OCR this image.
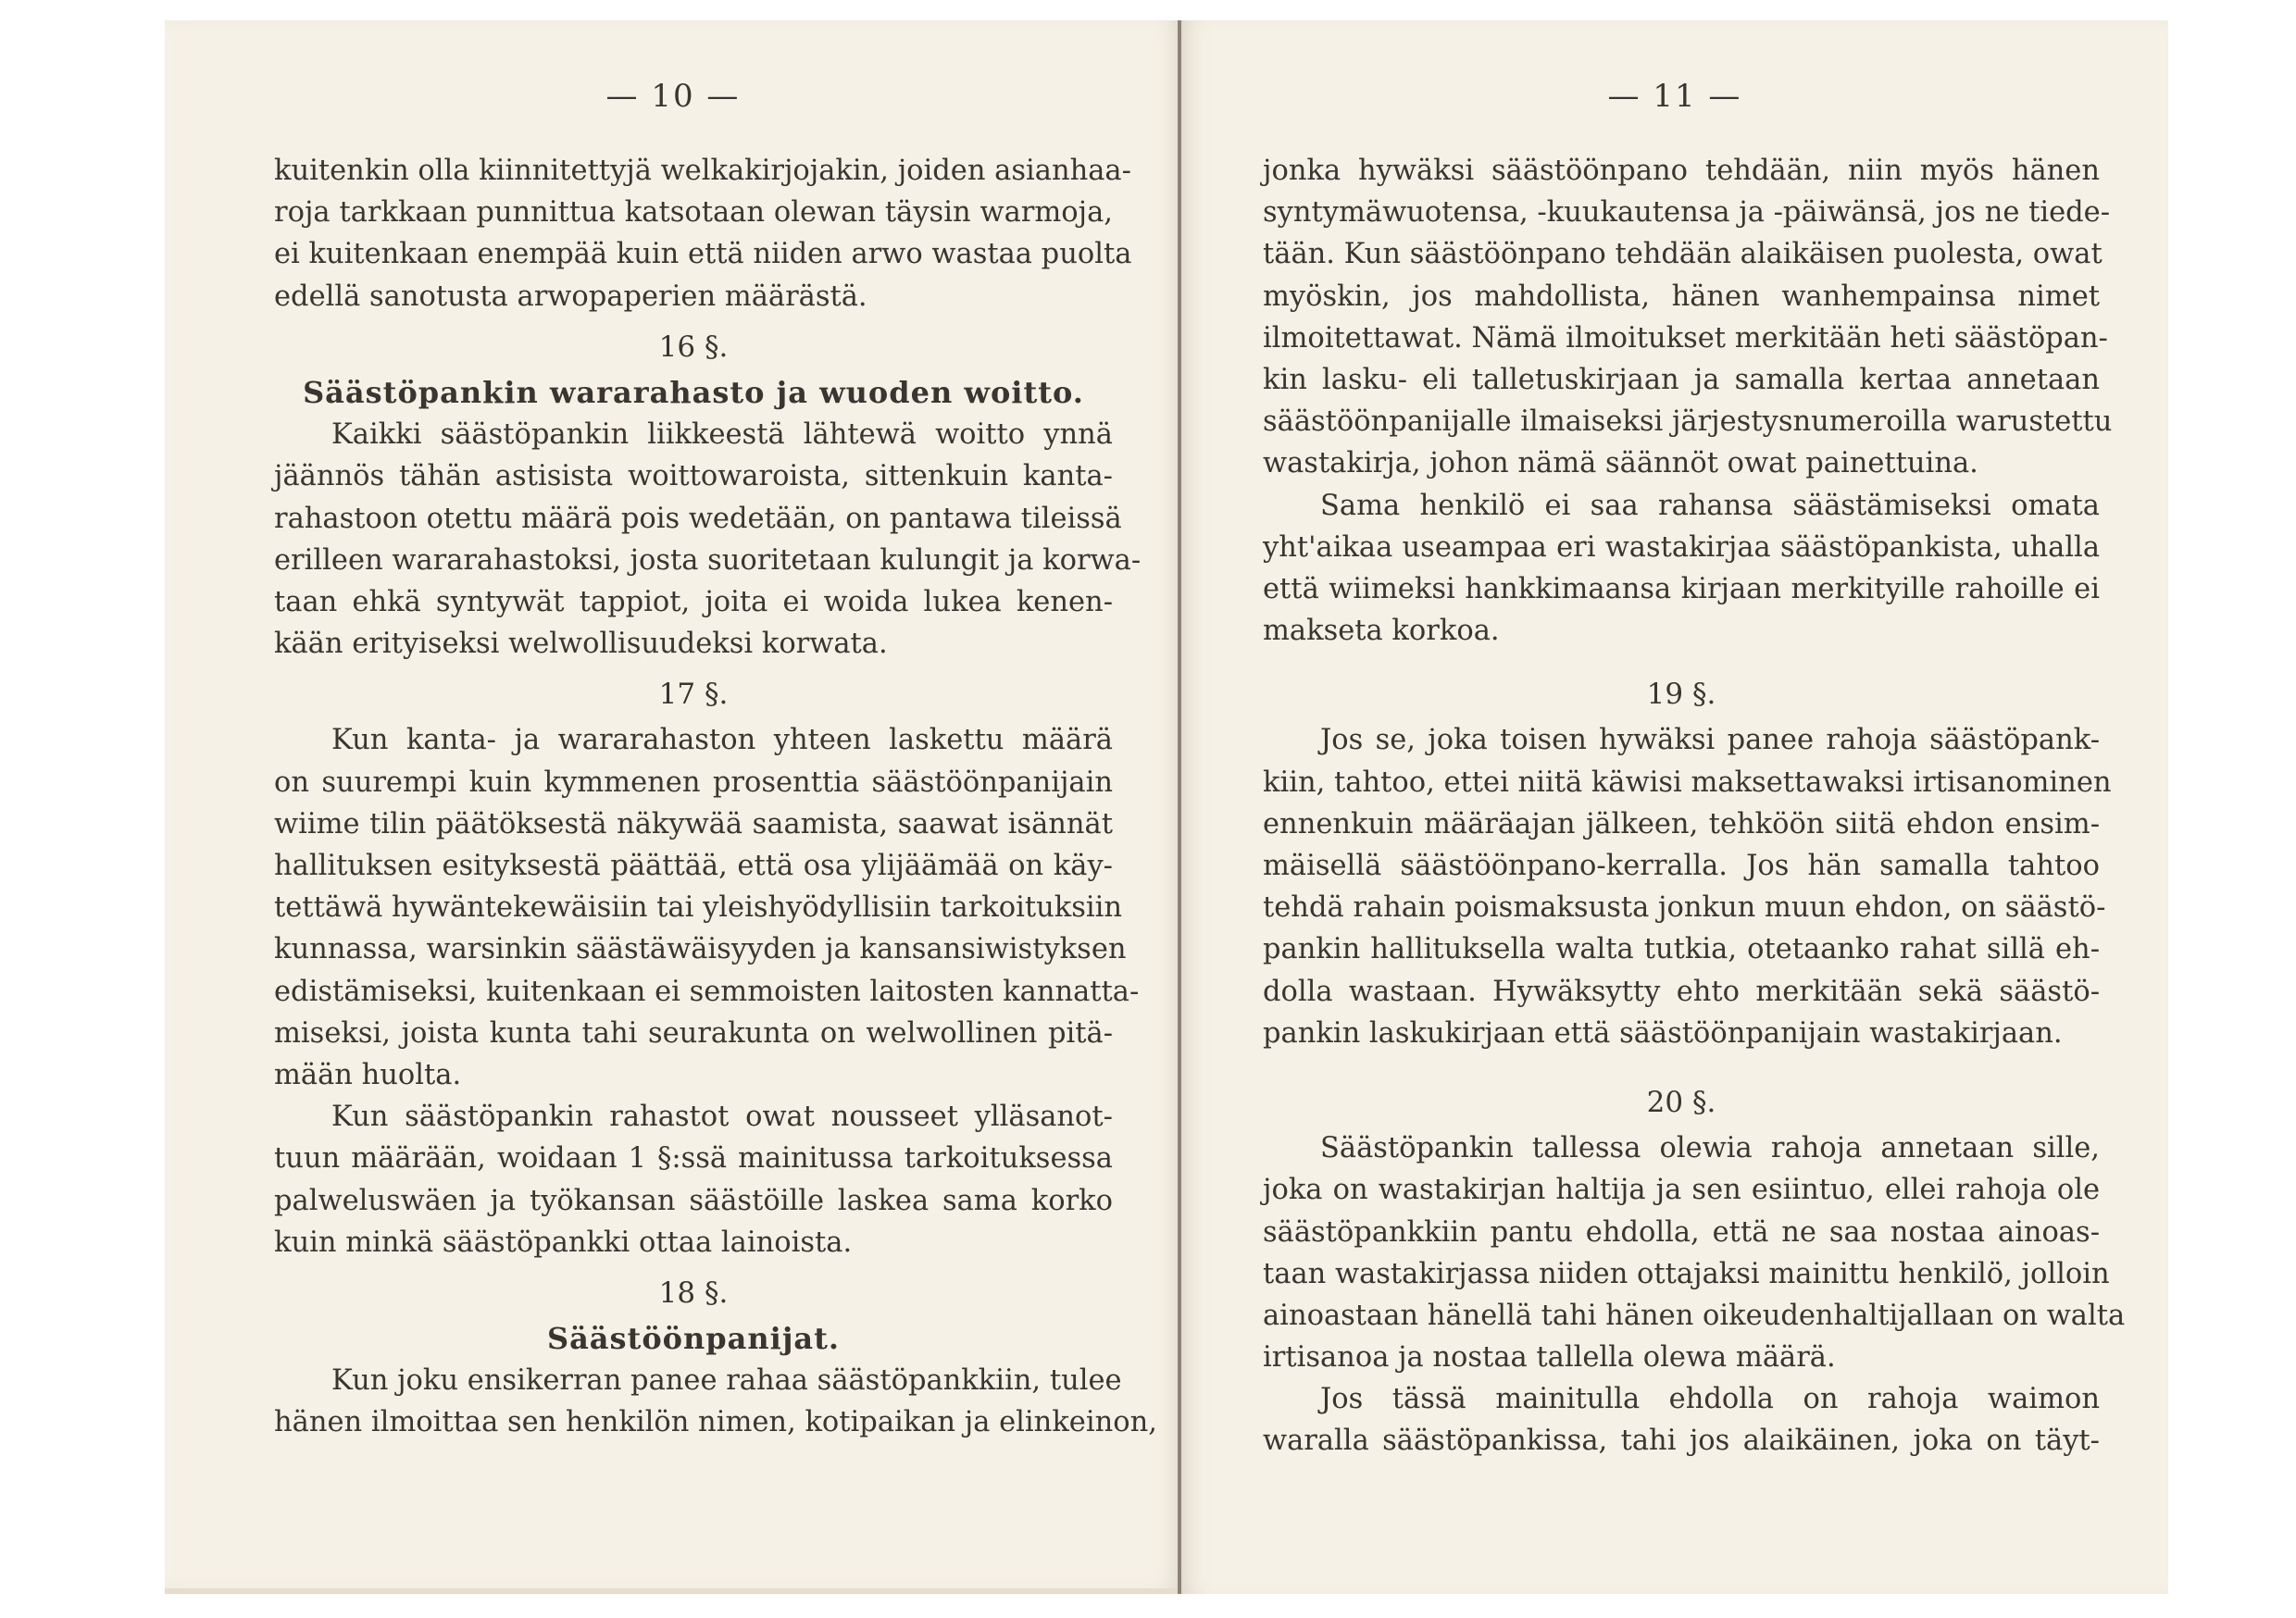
— 10 —
kuitenkin olla kiinnitettyjä welkakirjojakin, joiden asianhaa-
roja tarkkaan punnittua katsotaan olewan täysin warmoja,
ei kuitenkaan enempää kuin että niiden arwo wastaa puolta
edellä sanotusta arwopaperien määrästä.
16 §.
Säästöpankin wararahasto ja wuoden woitto.
Kaikki säästöpankin liikkeestä lähtewä woitto ynnä
jäännös tähän astisista woittowaroista, sittenkuin kanta-
rahastoon otettu määrä pois wedetään, on pantawa tileissä
erilleen wararahastoksi, josta suoritetaan kulungit ja korwa-
taan ehkä syntywät tappiot, joita ei woida lukea kenen-
kään erityiseksi welwollisuudeksi korwata.
17 §.
Kun kanta- ja wararahaston yhteen laskettu määrä
on suurempi kuin kymmenen prosenttia säästöönpanijain
wiime tilin päätöksestä näkywää saamista, saawat isännät
hallituksen esityksestä päättää, että osa ylijäämää on käy-
tettäwä hywäntekewäisiin tai yleishyödyllisiin tarkoituksiin
kunnassa, warsinkin säästäwäisyyden ja kansansiwistyksen
edistämiseksi, kuitenkaan ei semmoisten laitosten kannatta-
miseksi, joista kunta tahi seurakunta on welwollinen pitä-
mään huolta.
Kun säästöpankin rahastot owat nousseet ylläsanot-
tuun määrään, woidaan 1 §:ssä mainitussa tarkoituksessa
palweluswäen ja työkansan säästöille laskea sama korko
kuin minkä säästöpankki ottaa lainoista.
18 §.
Säästöönpanijat.
Kun joku ensikerran panee rahaa säästöpankkiin, tulee
hänen ilmoittaa sen henkilön nimen, kotipaikan ja elinkeinon,
— 11 —
jonka hywäksi säästöönpano tehdään, niin myös hänen
syntymäwuotensa, -kuukautensa ja -päiwänsä, jos ne tiede-
tään. Kun säästöönpano tehdään alaikäisen puolesta, owat
myöskin, jos mahdollista, hänen wanhempainsa nimet
ilmoitettawat. Nämä ilmoitukset merkitään heti säästöpan-
kin lasku- eli talletuskirjaan ja samalla kertaa annetaan
säästöönpanijalle ilmaiseksi järjestysnumeroilla warustettu
wastakirja, johon nämä säännöt owat painettuina.
Sama henkilö ei saa rahansa säästämiseksi omata
yht'aikaa useampaa eri wastakirjaa säästöpankista, uhalla
että wiimeksi hankkimaansa kirjaan merkityille rahoille ei
makseta korkoa.
19 §.
Jos se, joka toisen hywäksi panee rahoja säästöpank-
kiin, tahtoo, ettei niitä käwisi maksettawaksi irtisanominen
ennenkuin määräajan jälkeen, tehköön siitä ehdon ensim-
mäisellä säästöönpano-kerralla. Jos hän samalla tahtoo
tehdä rahain poismaksusta jonkun muun ehdon, on säästö-
pankin hallituksella walta tutkia, otetaanko rahat sillä eh-
dolla wastaan. Hywäksytty ehto merkitään sekä säästö-
pankin laskukirjaan että säästöönpanijain wastakirjaan.
20 §.
Säästöpankin tallessa olewia rahoja annetaan sille,
joka on wastakirjan haltija ja sen esiintuo, ellei rahoja ole
säästöpankkiin pantu ehdolla, että ne saa nostaa ainoas-
taan wastakirjassa niiden ottajaksi mainittu henkilö, jolloin
ainoastaan hänellä tahi hänen oikeudenhaltijallaan on walta
irtisanoa ja nostaa tallella olewa määrä.
Jos tässä mainitulla ehdolla on rahoja waimon
waralla säästöpankissa, tahi jos alaikäinen, joka on täyt-
